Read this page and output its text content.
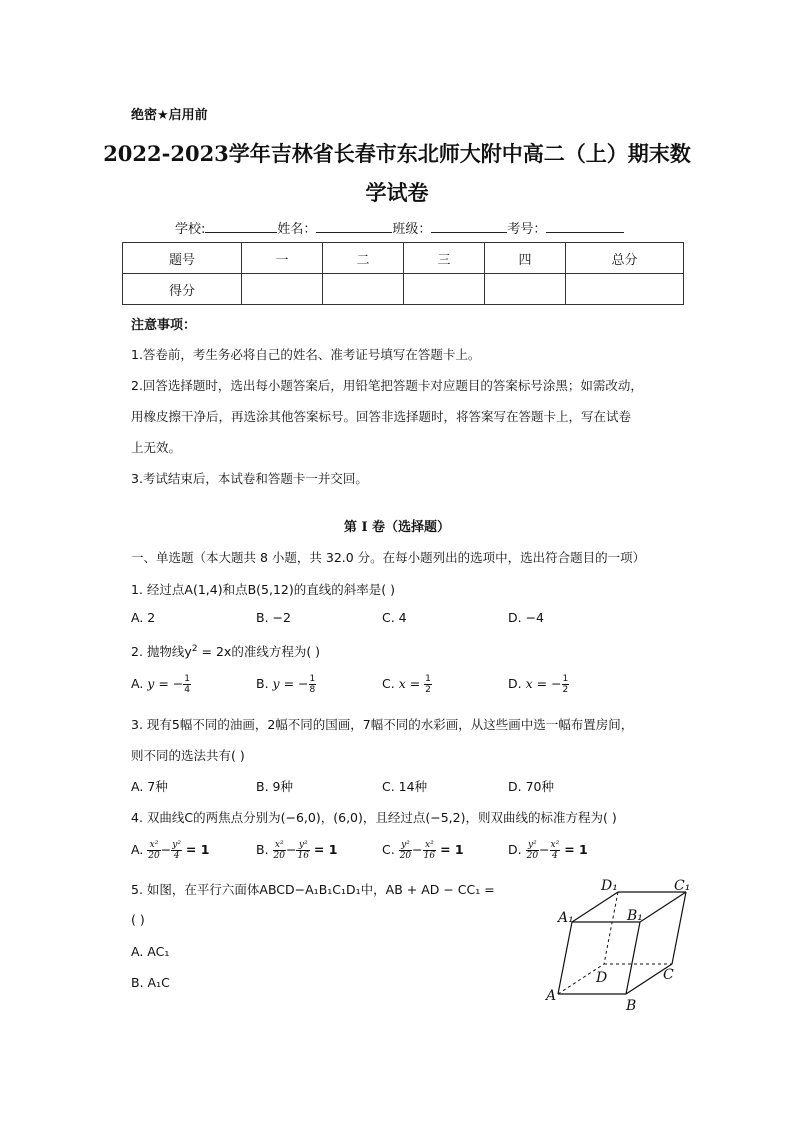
绝密★启用前
2022-2023学年吉林省长春市东北师大附中高二（上）期末数
学试卷
学校:	姓名：	班级：	考号：
题号	一	二	三	四	总分
得分					
注意事项：
1.答卷前，考生务必将自己的姓名、准考证号填写在答题卡上。
2.回答选择题时，选出每小题答案后，用铅笔把答题卡对应题目的答案标号涂黑；如需改动，
用橡皮擦干净后，再选涂其他答案标号。回答非选择题时，将答案写在答题卡上，写在试卷
上无效。
3.考试结束后，本试卷和答题卡一并交回。
第 I 卷（选择题）
一、单选题（本大题共 8 小题，共 32.0 分。在每小题列出的选项中，选出符合题目的一项）
1. 经过点A(1,4)和点B(5,12)的直线的斜率是( )
A. 2	B. −2	C. 4	D. −4
2. 抛物线$y^2 = 2x$的准线方程为( )
A. y = − $\frac{1}{4}$	B. y = − $\frac{1}{8}$	C. $x = \frac{1}{2}$	D. x = − $\frac{1}{2}$
3. 现有5幅不同的油画，2幅不同的国画，7幅不同的水彩画，从这些画中选一幅布置房间，
则不同的选法共有( )
A. 7种	B. 9种	C. 14种	D. 70种
4. 双曲线C的两焦点分别为(−6,0)，(6,0)，且经过点(−5,2)，则双曲线的标准方程为( )
A. $\frac{\text{x²}}{20} - \frac{\text{y²}}{4} = 1$	B. $\frac{\text{x²}}{20} - \frac{\text{y²}}{16} = 1$	C. $\frac{\text{y²}}{20} - \frac{\text{x²}}{16} = 1$	D. $\frac{\text{y²}}{20} - \frac{\text{x²}}{4} = 1$
5. 如图，在平行六面体ABCD−A₁B₁C₁D₁中，AB + AD − CC₁ =
( )
A. AC₁
B. A₁C
D₁	C₁
A₁	B₁
D	C
A
B
